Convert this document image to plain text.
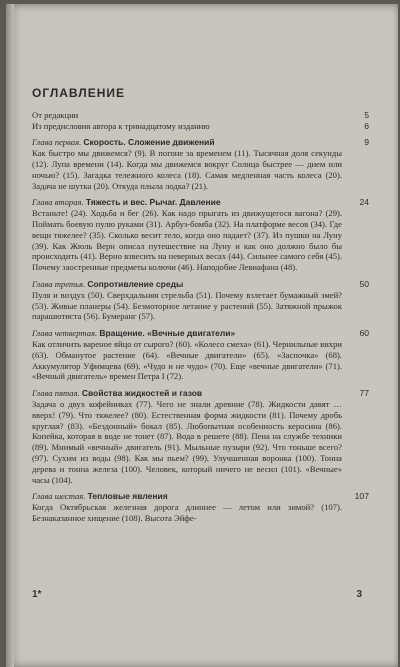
ОГЛАВЛЕНИЕ
От редакции	5
Из предисловия автора к тринадцатому изданию	6
Глава первая. Скорость. Сложение движений	9
Как быстро мы движемся? (9). В погоне за временем (11). Тысячная доля секунды (12). Лупа времени (14). Когда мы движемся вокруг Солнца быстрее — днем или ночью? (15). Загадка тележного колеса (18). Самая медленная часть колеса (20). Задача не шутка (20). Откуда плыла лодка? (21).
Глава вторая. Тяжесть и вес. Рычаг. Давление	24
Встаньте! (24). Ходьба и бег (26). Как надо прыгать из движущегося вагона? (29). Поймать боевую пулю руками (31). Арбуз-бомба (32). На платформе весов (34). Где вещи тяжелее? (35). Сколько весит тело, когда оно падает? (37). Из пушки на Луну (39). Как Жюль Верн описал путешествие на Луну и как оно должно было бы происходить (41). Верно взвесить на неверных весах (44). Сильнее самого себя (45). Почему заостренные предметы колючи (46). Наподобие Левиафана (48).
Глава третья. Сопротивление среды	50
Пуля и воздух (50). Сверхдальняя стрельба (51). Почему взлетает бумажный змей? (53). Живые планеры (54). Безмоторное летание у растений (55). Затяжной прыжок парашютиста (56). Бумеранг (57).
Глава четвертая. Вращение. «Вечные двигатели»	60
Как отличить вареное яйцо от сырого? (60). «Колесо смеха» (61). Чернильные вихри (63). Обманутое растение (64). «Вечные двигатели» (65). «Заспочка» (68). Аккумулятор Уфимцева (69). «Чудо и не чудо» (70). Еще «вечные двигатели» (71). «Вечный двигатель» времен Петра I (72).
Глава пятая. Свойства жидкостей и газов	77
Задача о двух кофейниках (77). Чего не знали древние (78). Жидкости давят … вверх! (79). Что тяжелее? (80). Естественная форма жидкости (81). Почему дробь круглая? (83). «Бездонный» бокал (85). Любопытная особенность керосина (86). Копейка, которая в воде не тонет (87). Вода в решете (88). Пена на службе техники (89). Мнимый «вечный» двигатель (91). Мыльные пузыри (92). Что тоньше всего? (97). Сухим из воды (98). Как мы пьем? (99). Улучшенная воронка (100). Тонна дерева и тонна железа (100). Человек, который ничего не весил (101). «Вечные» часы (104).
Глава шестая. Тепловые явления	107
Когда Октябрьская железная дорога длиннее — летом или зимой? (107). Безнаказанное хищение (108). Высота Эйфе-
1*	3
